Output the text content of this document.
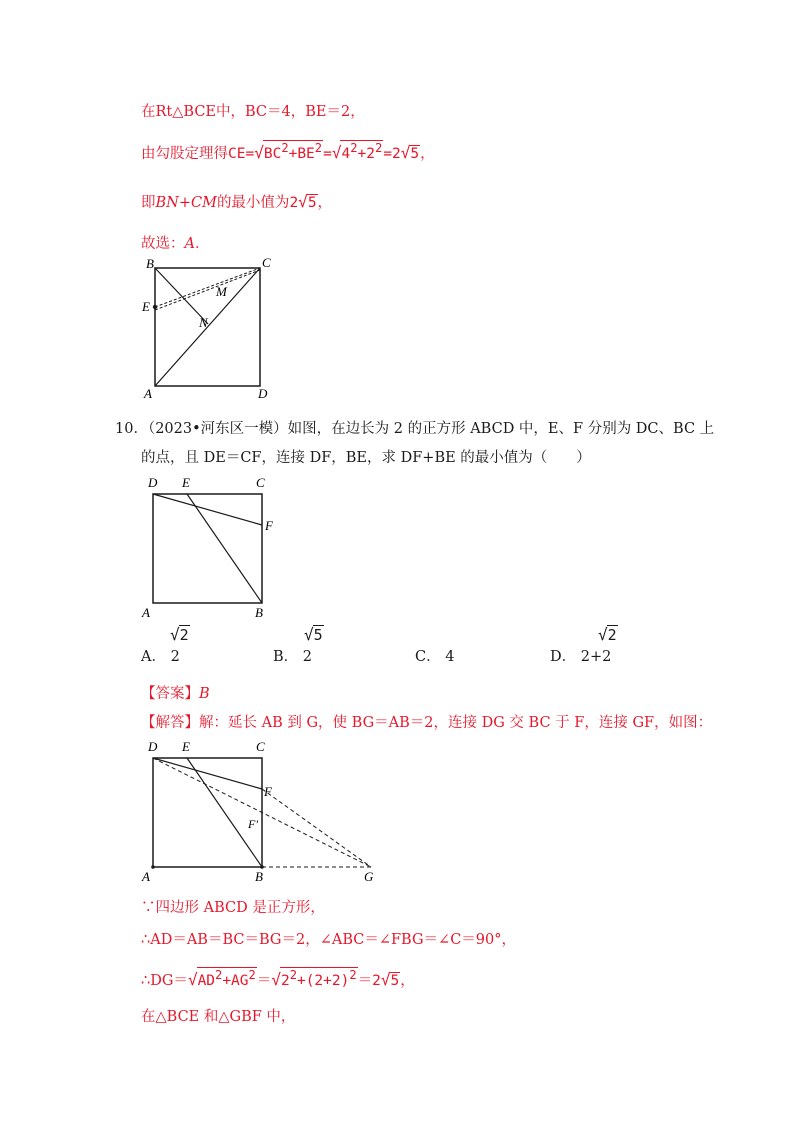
在Rt△BCE中，BC＝4，BE＝2，
由勾股定理得$CE=√BC^2+BE^2=√4^2+2^2=2√5$，
即BN+CM的最小值为2√5，
故选：A．
B	C
M
E
N
A	D
10．（2023•河东区一模）如图，在边长为 2 的正方形 ABCD 中，E、F 分别为 DC、BC 上
的点，且 DE＝CF，连接 DF，BE，求 DF+BE 的最小值为（　　）
D E	C
F
A	B
A． 2
√2
B． 2
√5
C． 4	D． 2+2
√2
【答案】B
【解答】解：延长 AB 到 G，使 BG＝AB＝2，连接 DG 交 BC 于 F，连接 GF，如图：
D E	C
F
F'
A	B	G
∵四边形 ABCD 是正方形，
∴AD＝AB＝BC＝BG＝2，∠ABC＝∠FBG＝∠C＝90°，
$\therefore DG=√AD^2+AG^2=√2^2+(2+2)^2=2√5$，
在△BCE 和△GBF 中，
